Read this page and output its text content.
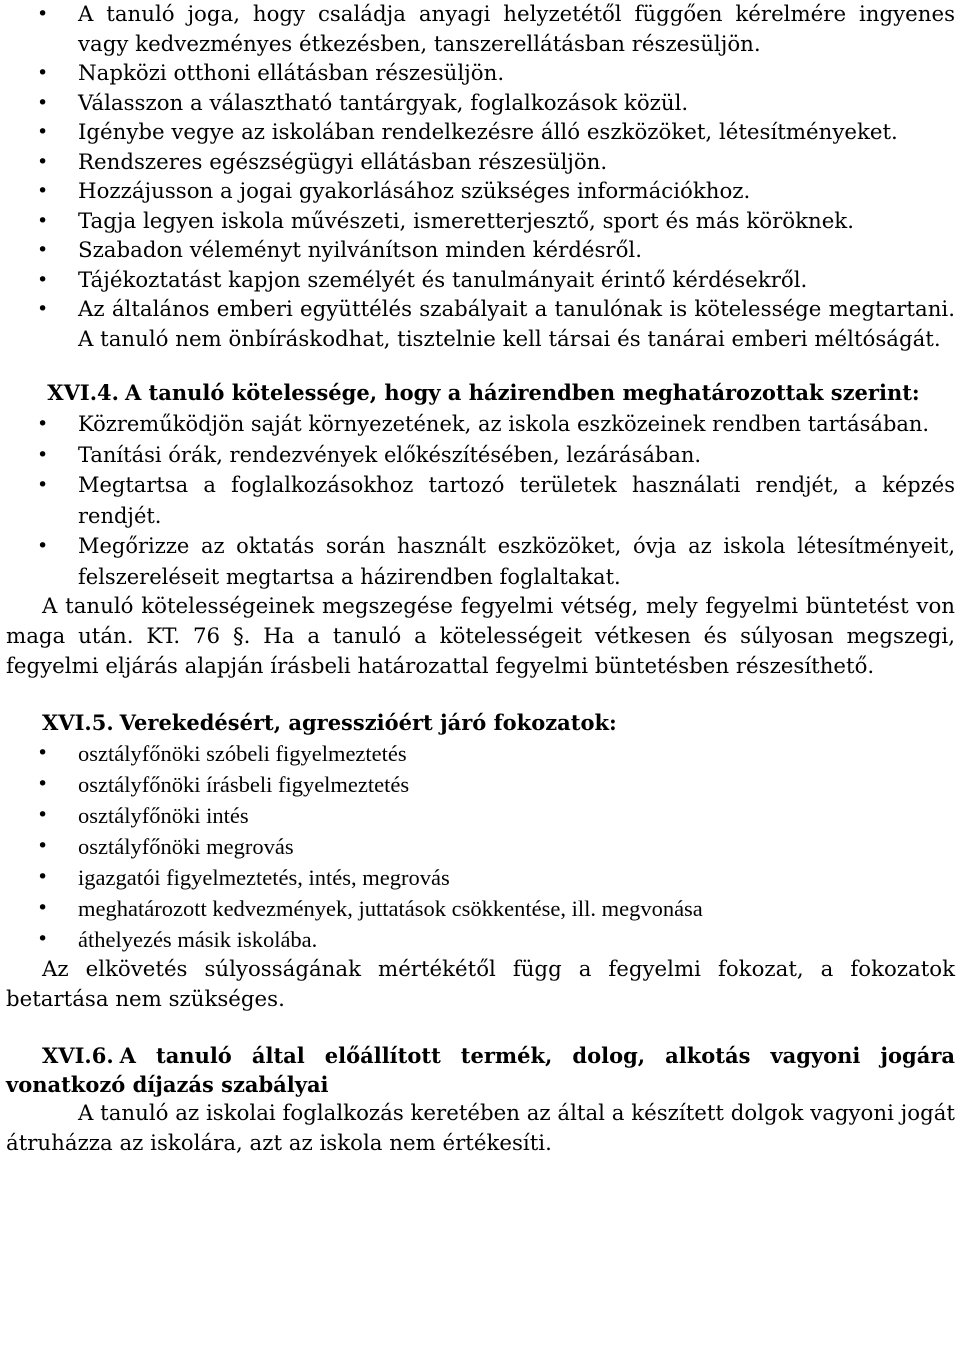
• A tanuló joga, hogy családja anyagi helyzetétől függően kérelmére ingyenes vagy kedvezményes étkezésben, tanszerellátásban részesüljön.
• Napközi otthoni ellátásban részesüljön.
• Válasszon a választható tantárgyak, foglalkozások közül.
• Igénybe vegye az iskolában rendelkezésre álló eszközöket, létesítményeket.
• Rendszeres egészségügyi ellátásban részesüljön.
• Hozzájusson a jogai gyakorlásához szükséges információkhoz.
• Tagja legyen iskola művészeti, ismeretterjesztő, sport és más köröknek.
• Szabadon véleményt nyilvánítson minden kérdésről.
• Tájékoztatást kapjon személyét és tanulmányait érintő kérdésekről.
• Az általános emberi együttélés szabályait a tanulónak is kötelessége megtartani. A tanuló nem önbíráskodhat, tisztelnie kell társai és tanárai emberi méltóságát.
XVI.4. A tanuló kötelessége, hogy a házirendben meghatározottak szerint:
• Közreműködjön saját környezetének, az iskola eszközeinek rendben tartásában.
• Tanítási órák, rendezvények előkészítésében, lezárásában.
• Megtartsa a foglalkozásokhoz tartozó területek használati rendjét, a képzés rendjét.
• Megőrizze az oktatás során használt eszközöket, óvja az iskola létesítményeit, felszereléseit megtartsa a házirendben foglaltakat.

A tanuló kötelességeinek megszegése fegyelmi vétség, mely fegyelmi büntetést von maga után. KT. 76 §. Ha a tanuló a kötelességeit vétkesen és súlyosan megszegi, fegyelmi eljárás alapján írásbeli határozattal fegyelmi büntetésben részesíthető.

XVI.5. Verekedésért, agresszióért járó fokozatok:
• osztályfőnöki szóbeli figyelmeztetés
• osztályfőnöki írásbeli figyelmeztetés
• osztályfőnöki intés
• osztályfőnöki megrovás
• igazgatói figyelmeztetés, intés, megrovás
• meghatározott kedvezmények, juttatások csökkentése, ill. megvonása
• áthelyezés másik iskolába.

Az elkövetés súlyosságának mértékétől függ a fegyelmi fokozat, a fokozatok betartása nem szükséges.

XVI.6. A tanuló által előállított termék, dolog, alkotás vagyoni jogára vonatkozó díjazás szabályai

A tanuló az iskolai foglalkozás keretében az által a készített dolgok vagyoni jogát átruházza az iskolára, azt az iskola nem értékesíti.
